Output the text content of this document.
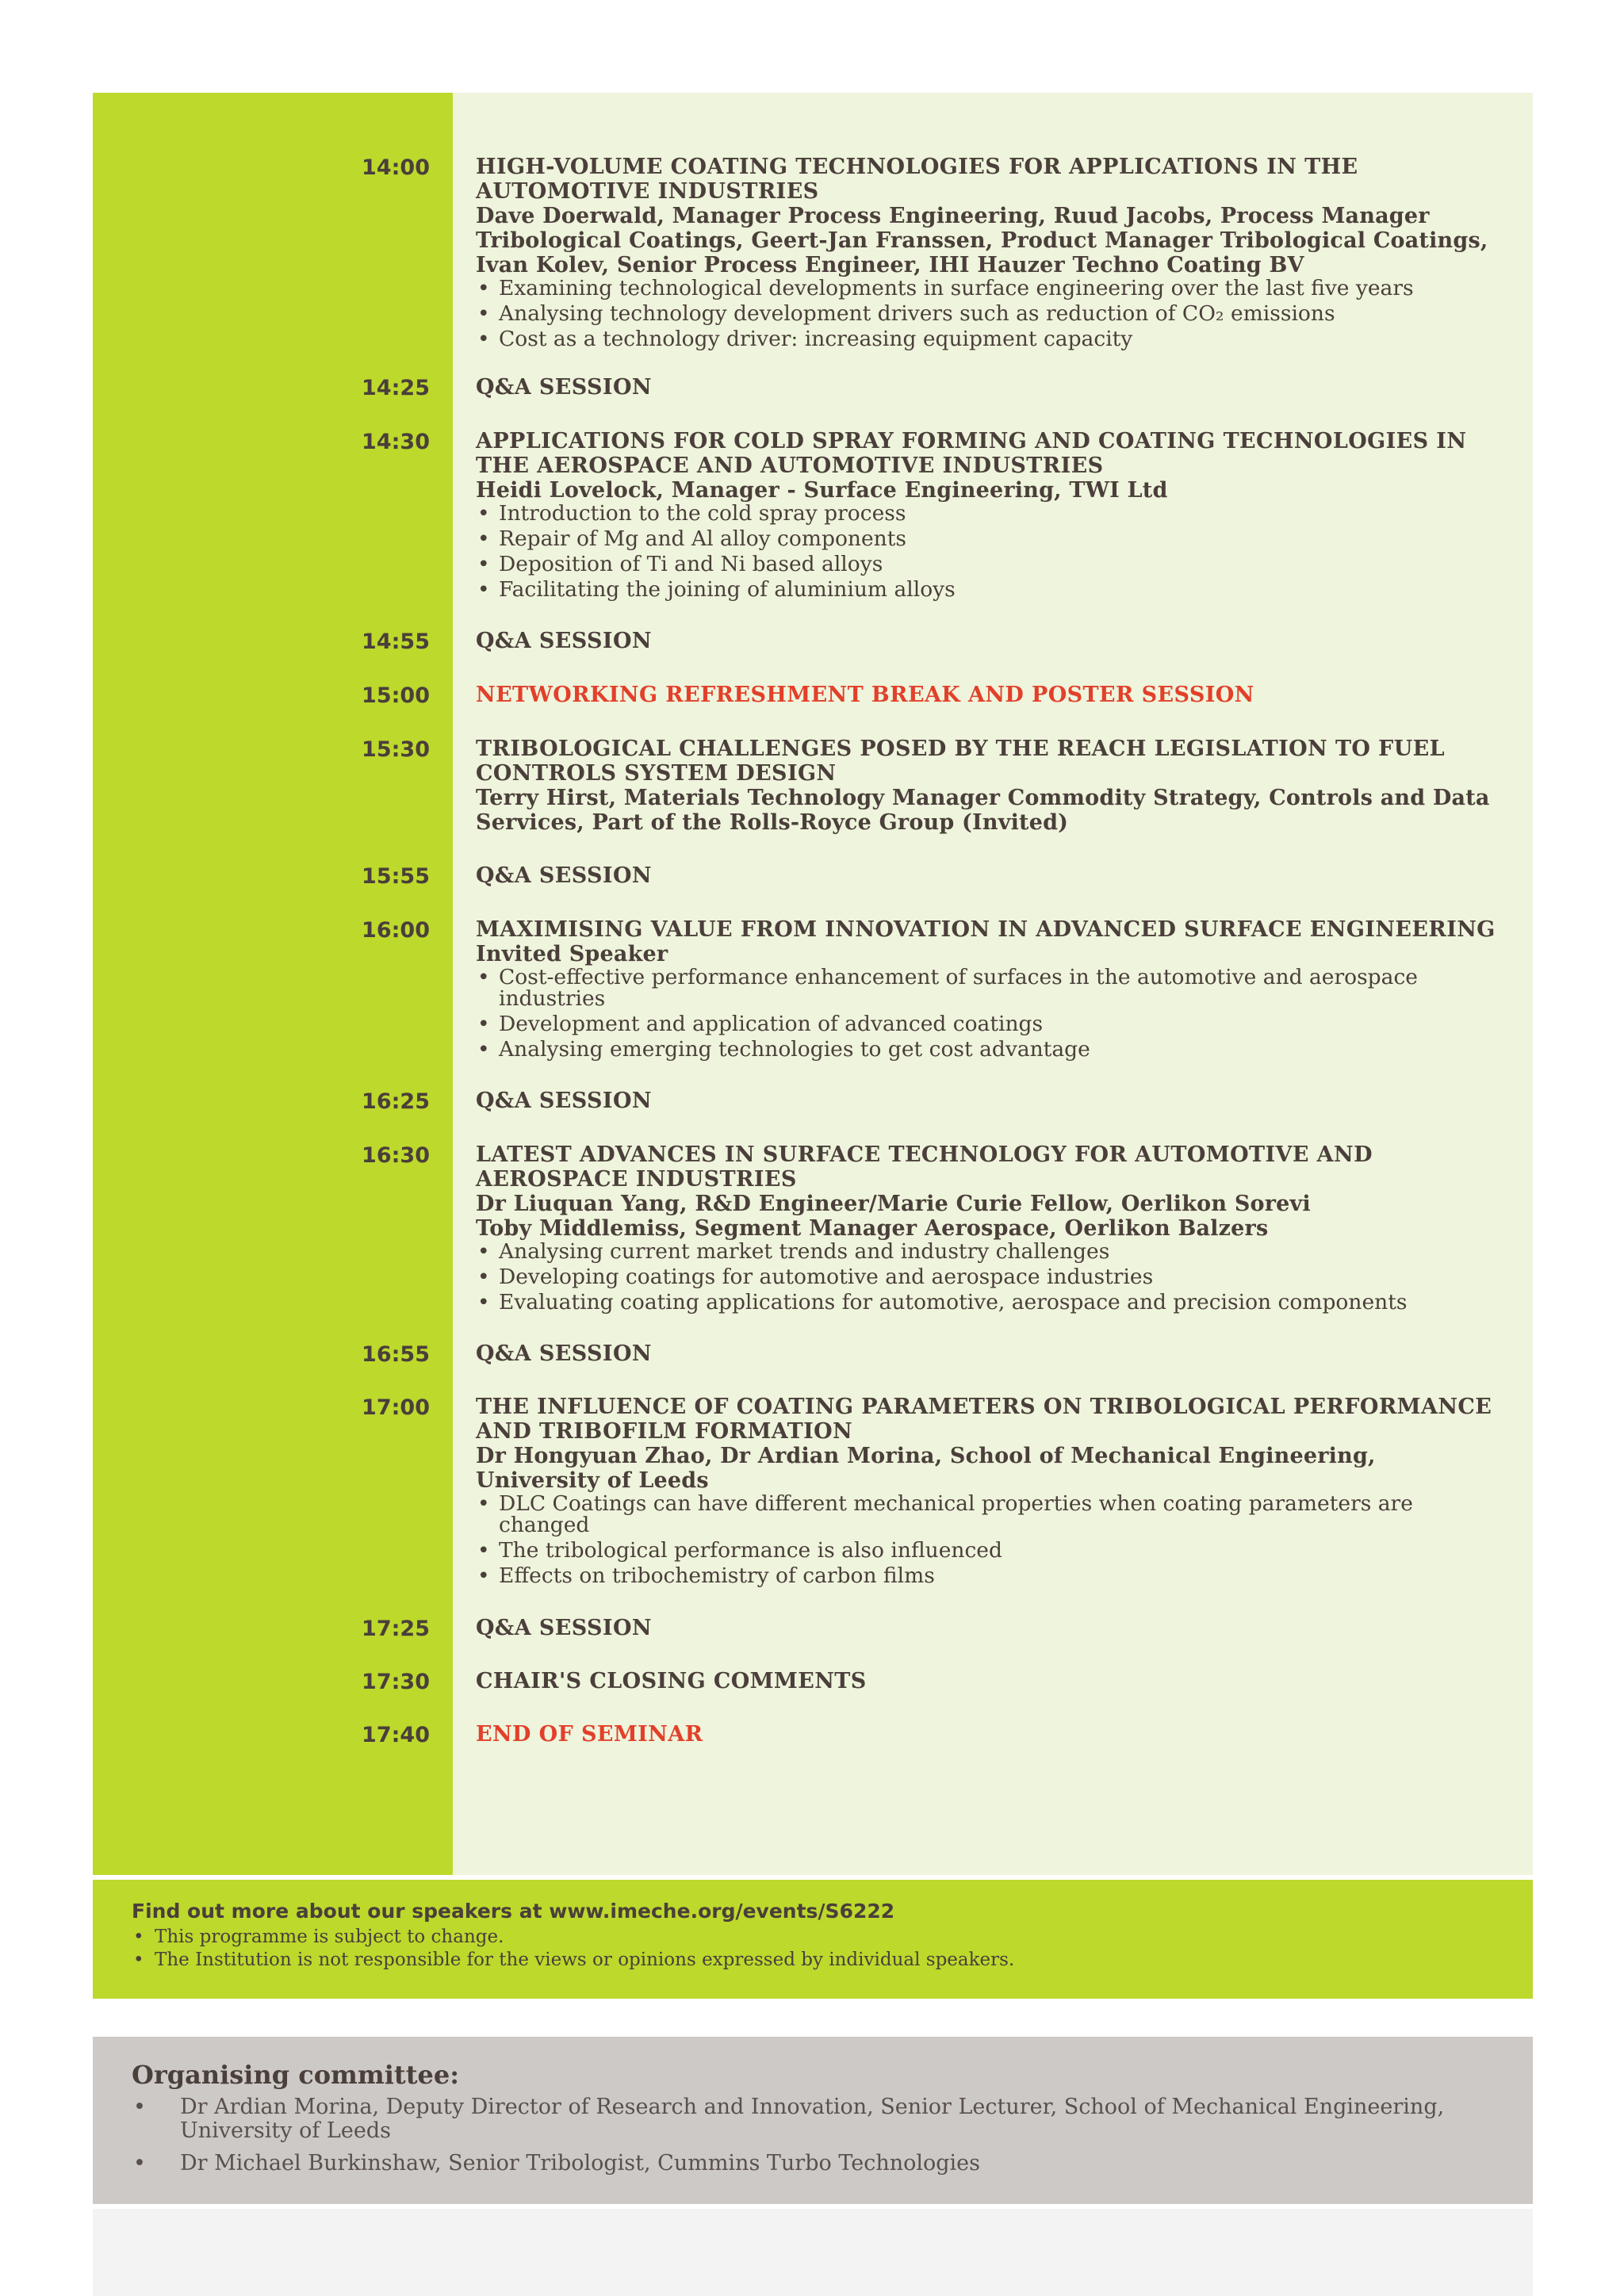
14:00 HIGH-VOLUME COATING TECHNOLOGIES FOR APPLICATIONS IN THE AUTOMOTIVE INDUSTRIES
Dave Doerwald, Manager Process Engineering, Ruud Jacobs, Process Manager Tribological Coatings, Geert-Jan Franssen, Product Manager Tribological Coatings, Ivan Kolev, Senior Process Engineer, IHI Hauzer Techno Coating BV
• Examining technological developments in surface engineering over the last five years
• Analysing technology development drivers such as reduction of CO₂ emissions
• Cost as a technology driver: increasing equipment capacity
14:25 Q&A SESSION
14:30 APPLICATIONS FOR COLD SPRAY FORMING AND COATING TECHNOLOGIES IN THE AEROSPACE AND AUTOMOTIVE INDUSTRIES
Heidi Lovelock, Manager - Surface Engineering, TWI Ltd
• Introduction to the cold spray process
• Repair of Mg and Al alloy components
• Deposition of Ti and Ni based alloys
• Facilitating the joining of aluminium alloys
14:55 Q&A SESSION
15:00 NETWORKING REFRESHMENT BREAK AND POSTER SESSION
15:30 TRIBOLOGICAL CHALLENGES POSED BY THE REACH LEGISLATION TO FUEL CONTROLS SYSTEM DESIGN
Terry Hirst, Materials Technology Manager Commodity Strategy, Controls and Data Services, Part of the Rolls-Royce Group (Invited)
15:55 Q&A SESSION
16:00 MAXIMISING VALUE FROM INNOVATION IN ADVANCED SURFACE ENGINEERING
Invited Speaker
• Cost-effective performance enhancement of surfaces in the automotive and aerospace industries
• Development and application of advanced coatings
• Analysing emerging technologies to get cost advantage
16:25 Q&A SESSION
16:30 LATEST ADVANCES IN SURFACE TECHNOLOGY FOR AUTOMOTIVE AND AEROSPACE INDUSTRIES
Dr Liuquan Yang, R&D Engineer/Marie Curie Fellow, Oerlikon Sorevi
Toby Middlemiss, Segment Manager Aerospace, Oerlikon Balzers
• Analysing current market trends and industry challenges
• Developing coatings for automotive and aerospace industries
• Evaluating coating applications for automotive, aerospace and precision components
16:55 Q&A SESSION
17:00 THE INFLUENCE OF COATING PARAMETERS ON TRIBOLOGICAL PERFORMANCE AND TRIBOFILM FORMATION
Dr Hongyuan Zhao, Dr Ardian Morina, School of Mechanical Engineering, University of Leeds
• DLC Coatings can have different mechanical properties when coating parameters are changed
• The tribological performance is also influenced
• Effects on tribochemistry of carbon films
17:25 Q&A SESSION
17:30 CHAIR'S CLOSING COMMENTS
17:40 END OF SEMINAR
Find out more about our speakers at www.imeche.org/events/S6222
• This programme is subject to change.
• The Institution is not responsible for the views or opinions expressed by individual speakers.
Organising committee:
• Dr Ardian Morina, Deputy Director of Research and Innovation, Senior Lecturer, School of Mechanical Engineering, University of Leeds
• Dr Michael Burkinshaw, Senior Tribologist, Cummins Turbo Technologies
